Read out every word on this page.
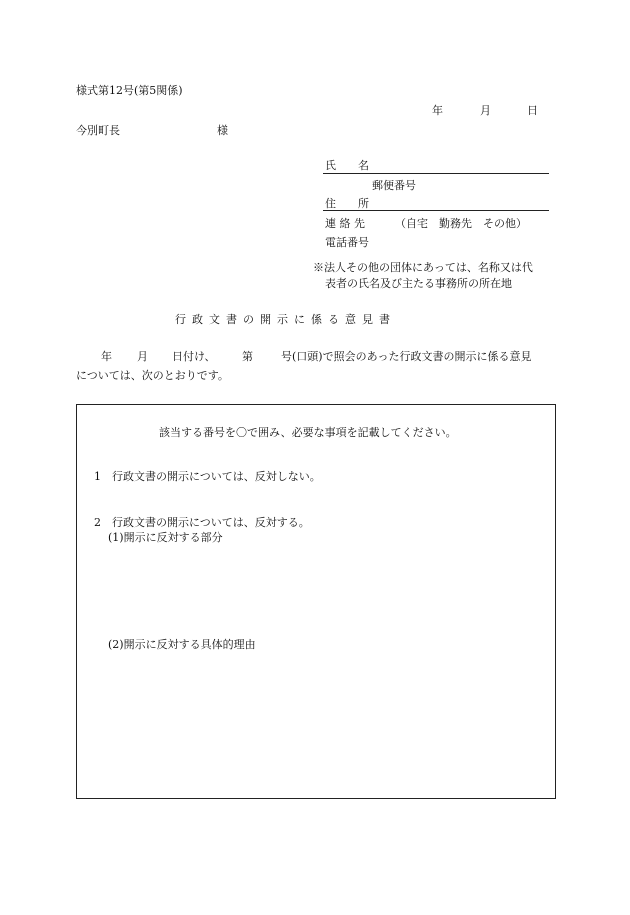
様式第12号(第5関係)
年	月	日
今別町長	様
氏　　名
郵便番号
住　　所
連 絡 先	（自宅　勤務先　その他）
電話番号
※法人その他の団体にあっては、名称又は代
表者の氏名及び主たる事務所の所在地
行政文書の開示に係る意見書
年 月 日付け、 第	号(口頭)で照会のあった行政文書の開示に係る意見
については、次のとおりです。
該当する番号を〇で囲み、必要な事項を記載してください。
1　行政文書の開示については、反対しない。
2　行政文書の開示については、反対する。
(1)開示に反対する部分
(2)開示に反対する具体的理由
